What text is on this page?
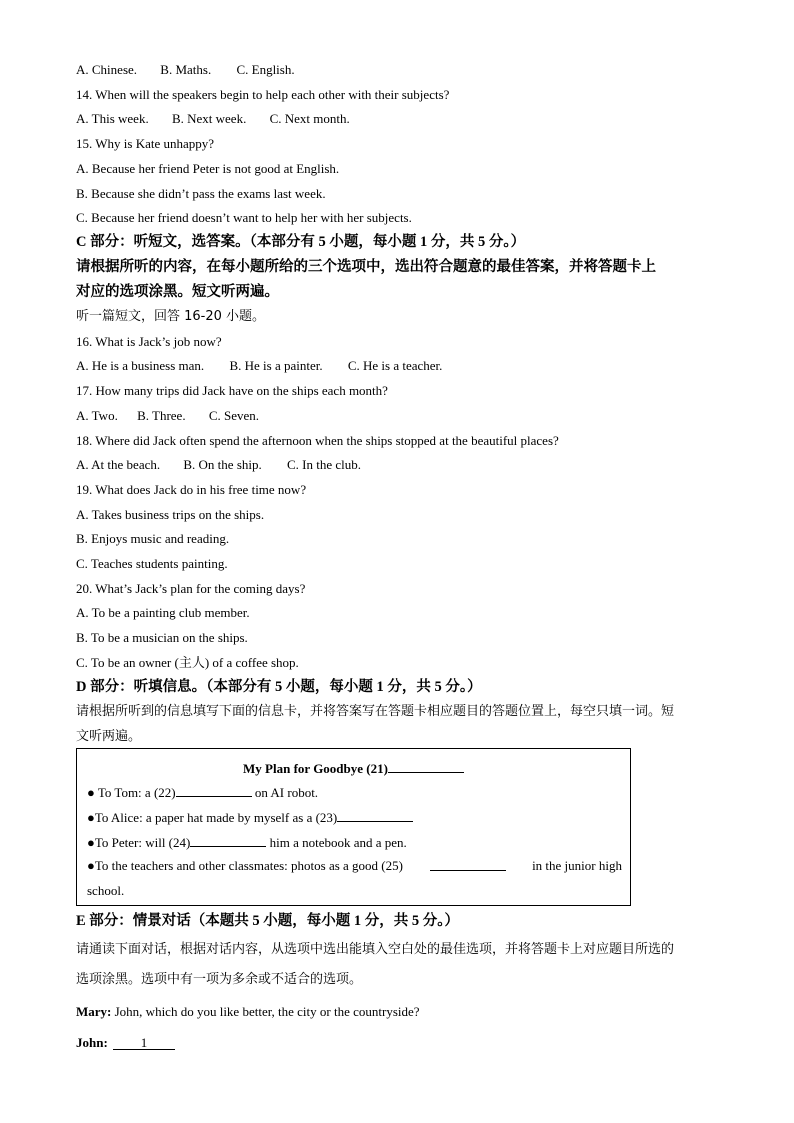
A. Chinese. B. Maths. C. English.
14. When will the speakers begin to help each other with their subjects?
A. This week. B. Next week. C. Next month.
15. Why is Kate unhappy?
A. Because her friend Peter is not good at English.
B. Because she didn’t pass the exams last week.
C. Because her friend doesn’t want to help her with her subjects.
C 部分：听短文，选答案。（本部分有 5 小题，每小题 1 分，共 5 分。）
请根据所听的内容，在每小题所给的三个选项中，选出符合题意的最佳答案，并将答题卡上
对应的选项涂黑。短文听两遍。
听一篇短文，回答 16-20 小题。
16. What is Jack’s job now?
A. He is a business man. B. He is a painter. C. He is a teacher.
17. How many trips did Jack have on the ships each month?
A. Two. B. Three. C. Seven.
18. Where did Jack often spend the afternoon when the ships stopped at the beautiful places?
A. At the beach. B. On the ship. C. In the club.
19. What does Jack do in his free time now?
A. Takes business trips on the ships.
B. Enjoys music and reading.
C. Teaches students painting.
20. What’s Jack’s plan for the coming days?
A. To be a painting club member.
B. To be a musician on the ships.
C. To be an owner (主人) of a coffee shop.
D 部分：听填信息。（本部分有 5 小题，每小题 1 分，共 5 分。）
请根据所听到的信息填写下面的信息卡，并将答案写在答题卡相应题目的答题位置上，每空只填一词。短
文听两遍。
My Plan for Goodbye (21)
● To Tom: a (22)	on AI robot.
●To Alice: a paper hat made by myself as a (23)
●To Peter: will (24)	him a notebook and a pen.
●To the teachers and other classmates: photos as a good (25)	in the junior high
school.
E 部分：情景对话（本题共 5 小题，每小题 1 分，共 5 分。）
请通读下面对话，根据对话内容，从选项中选出能填入空白处的最佳选项，并将答题卡上对应题目所选的
选项涂黑。选项中有一项为多余或不适合的选项。
Mary: John, which do you like better, the city or the countryside?
John:	1
